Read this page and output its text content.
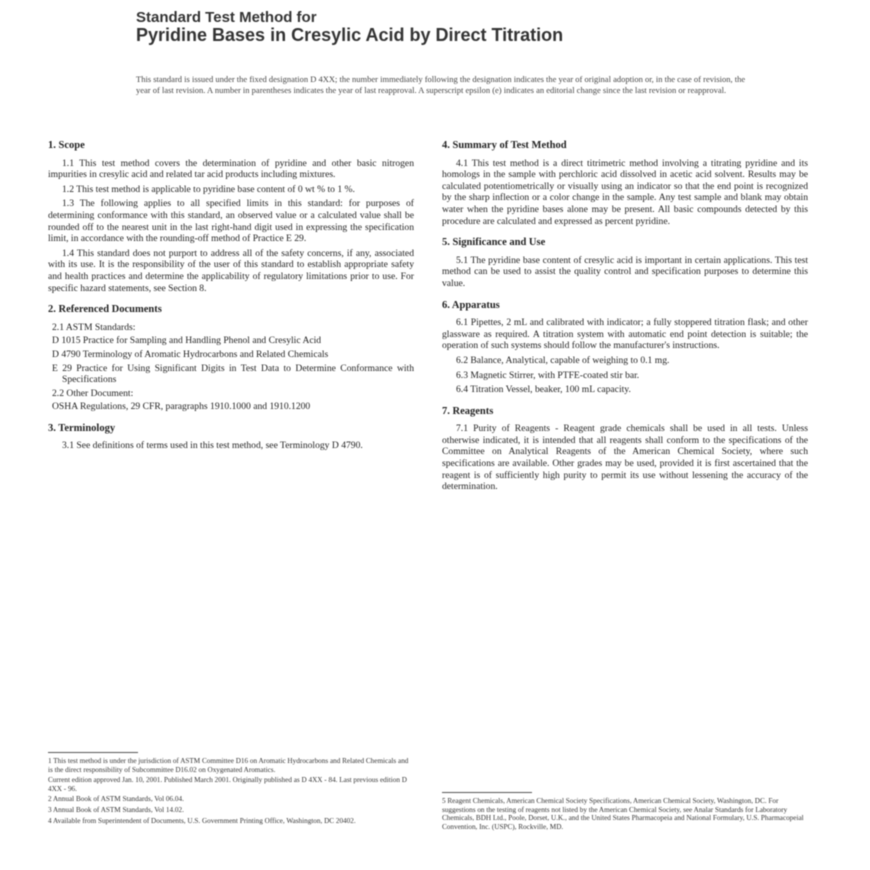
Standard Test Method for
Pyridine Bases in Cresylic Acid by Direct Titration
This standard is issued under the fixed designation D 4XX; the number immediately following the designation indicates the year of original adoption or, in the case of revision, the year of last revision. A number in parentheses indicates the year of last reapproval. A superscript epsilon (e) indicates an editorial change since the last revision or reapproval.
1. Scope

1.1 This test method covers the determination of pyridine and other basic nitrogen impurities in cresylic acid and related tar acid products including mixtures.

1.2 This test method is applicable to pyridine base content of 0 wt % to 1 %.

1.3 The following applies to all specified limits in this standard: for purposes of determining conformance with this standard, an observed value or a calculated value shall be rounded off to the nearest unit in the last right-hand digit used in expressing the specification limit, in accordance with the rounding-off method of Practice E 29.

1.4 This standard does not purport to address all of the safety concerns, if any, associated with its use. It is the responsibility of the user of this standard to establish appropriate safety and health practices and determine the applicability of regulatory limitations prior to use. For specific hazard statements, see Section 8.

2. Referenced Documents

2.1 ASTM Standards:

D 1015 Practice for Sampling and Handling Phenol and Cresylic Acid

D 4790 Terminology of Aromatic Hydrocarbons and Related Chemicals

E 29 Practice for Using Significant Digits in Test Data to Determine Conformance with Specifications

2.2 Other Document:

OSHA Regulations, 29 CFR, paragraphs 1910.1000 and 1910.1200

3. Terminology

3.1 See definitions of terms used in this test method, see Terminology D 4790.

1 This test method is under the jurisdiction of ASTM Committee D16 on Aromatic Hydrocarbons and Related Chemicals and is the direct responsibility of Subcommittee D16.02 on Oxygenated Aromatics.

Current edition approved Jan. 10, 2001. Published March 2001. Originally published as D 4XX - 84. Last previous edition D 4XX - 96.

2 Annual Book of ASTM Standards, Vol 06.04.

3 Annual Book of ASTM Standards, Vol 14.02.

4 Available from Superintendent of Documents, U.S. Government Printing Office, Washington, DC 20402.

4. Summary of Test Method

4.1 This test method is a direct titrimetric method involving a titrating pyridine and its homologs in the sample with perchloric acid dissolved in acetic acid solvent. Results may be calculated potentiometrically or visually using an indicator so that the end point is recognized by the sharp inflection or a color change in the sample. Any test sample and blank may obtain water when the pyridine bases alone may be present. All basic compounds detected by this procedure are calculated and expressed as percent pyridine.

5. Significance and Use

5.1 The pyridine base content of cresylic acid is important in certain applications. This test method can be used to assist the quality control and specification purposes to determine this value.

6. Apparatus

6.1 Pipettes, 2 mL and calibrated with indicator; a fully stoppered titration flask; and other glassware as required. A titration system with automatic end point detection is suitable; the operation of such systems should follow the manufacturer's instructions.

6.2 Balance, Analytical, capable of weighing to 0.1 mg.

6.3 Magnetic Stirrer, with PTFE-coated stir bar.

6.4 Titration Vessel, beaker, 100 mL capacity.

7. Reagents

7.1 Purity of Reagents - Reagent grade chemicals shall be used in all tests. Unless otherwise indicated, it is intended that all reagents shall conform to the specifications of the Committee on Analytical Reagents of the American Chemical Society, where such specifications are available. Other grades may be used, provided it is first ascertained that the reagent is of sufficiently high purity to permit its use without lessening the accuracy of the determination.

5 Reagent Chemicals, American Chemical Society Specifications, American Chemical Society, Washington, DC. For suggestions on the testing of reagents not listed by the American Chemical Society, see Analar Standards for Laboratory Chemicals, BDH Ltd., Poole, Dorset, U.K., and the United States Pharmacopeia and National Formulary, U.S. Pharmacopeial Convention, Inc. (USPC), Rockville, MD.
